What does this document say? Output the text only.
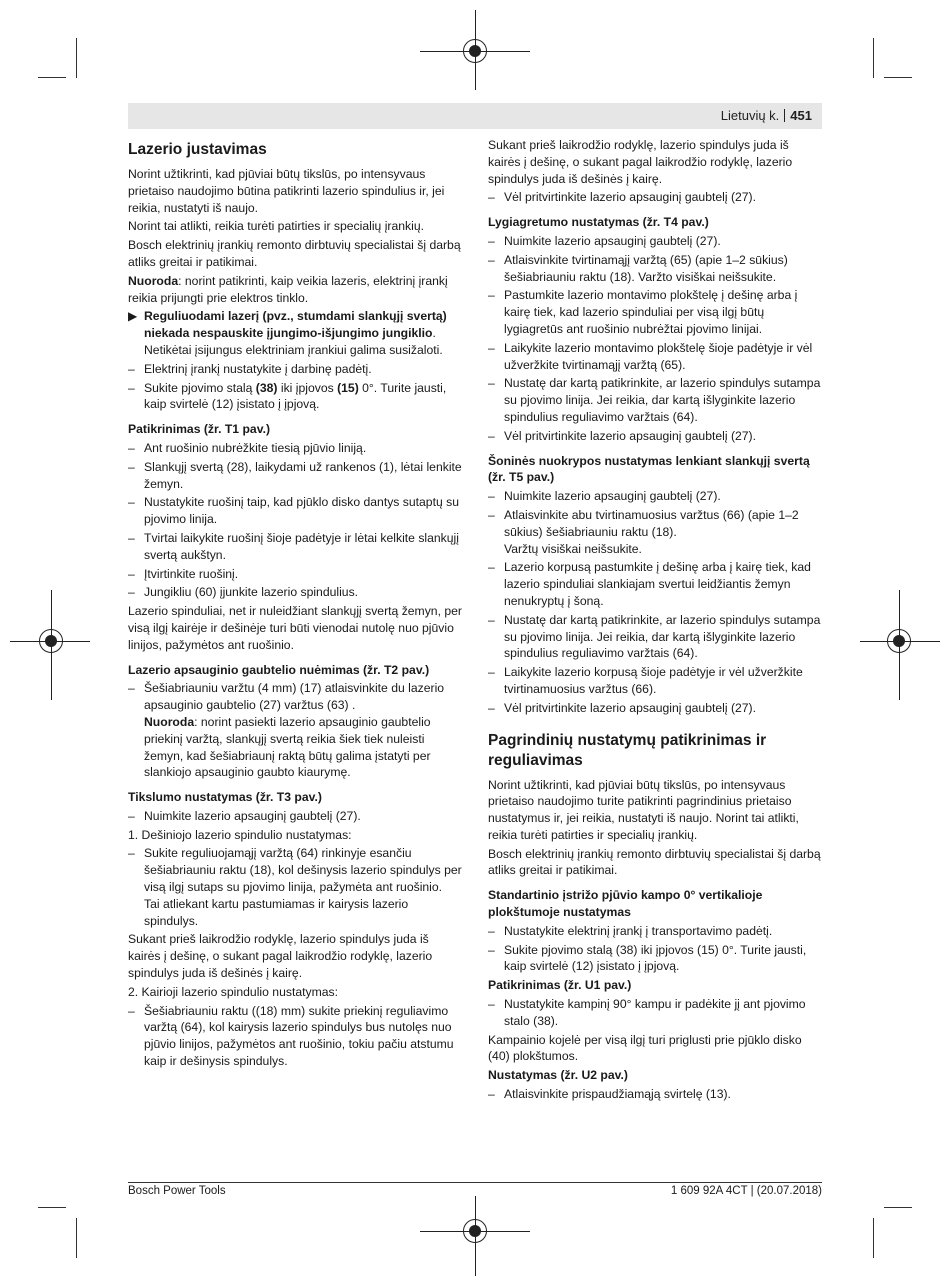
Lietuvių k. 451
Lazerio justavimas

Norint užtikrinti, kad pjūviai būtų tikslūs, po intensyvaus prietaiso naudojimo būtina patikrinti lazerio spindulius ir, jei reikia, nustatyti iš naujo.

Norint tai atlikti, reikia turėti patirties ir specialių įrankių.

Bosch elektrinių įrankių remonto dirbtuvių specialistai šį darbą atliks greitai ir patikimai.

Nuoroda: norint patikrinti, kaip veikia lazeris, elektrinį įrankį reikia prijungti prie elektros tinklo.

▶ Reguliuodami lazerį (pvz., stumdami slankųjį svertą) niekada nespauskite įjungimo-išjungimo jungiklio. Netikėtai įsijungus elektriniam įrankiui galima susižaloti.
– Elektrinį įrankį nustatykite į darbinę padėtį.
– Sukite pjovimo stalą (38) iki įpjovos (15) 0°. Turite jausti, kaip svirtelė (12) įsistato į įpjovą.
Patikrinimas (žr. T1 pav.)
– Ant ruošinio nubrėžkite tiesią pjūvio liniją.
– Slankųjį svertą (28), laikydami už rankenos (1), lėtai lenkite žemyn.
– Nustatykite ruošinį taip, kad pjūklo disko dantys sutaptų su pjovimo linija.
– Tvirtai laikykite ruošinį šioje padėtyje ir lėtai kelkite slankųjį svertą aukštyn.
– Įtvirtinkite ruošinį.
– Jungikliu (60) įjunkite lazerio spindulius.

Lazerio spinduliai, net ir nuleidžiant slankųjį svertą žemyn, per visą ilgį kairėje ir dešinėje turi būti vienodai nutolę nuo pjūvio linijos, pažymėtos ant ruošinio.

Lazerio apsauginio gaubtelio nuėmimas (žr. T2 pav.)
– Šešiabriauniu varžtu (4 mm) (17) atlaisvinkite du lazerio apsauginio gaubtelio (27) varžtus (63) .
Nuoroda: norint pasiekti lazerio apsauginio gaubtelio priekinį varžtą, slankųjį svertą reikia šiek tiek nuleisti žemyn, kad šešiabriaunį raktą būtų galima įstatyti per slankiojo apsauginio gaubto kiaurymę.
Tikslumo nustatymas (žr. T3 pav.)
– Nuimkite lazerio apsauginį gaubtelį (27).

1. Dešiniojo lazerio spindulio nustatymas:

– Sukite reguliuojamąjį varžtą (64) rinkinyje esančiu šešiabriauniu raktu (18), kol dešinysis lazerio spindulys per visą ilgį sutaps su pjovimo linija, pažymėta ant ruošinio.
Tai atliekant kartu pastumiamas ir kairysis lazerio spindulys.

Sukant prieš laikrodžio rodyklę, lazerio spindulys juda iš kairės į dešinę, o sukant pagal laikrodžio rodyklę, lazerio spindulys juda iš dešinės į kairę.

2. Kairioji lazerio spindulio nustatymas:

– Šešiabriauniu raktu ((18) mm) sukite priekinį reguliavimo varžtą (64), kol kairysis lazerio spindulys bus nutolęs nuo pjūvio linijos, pažymėtos ant ruošinio, tokiu pačiu atstumu kaip ir dešinysis spindulys.

Sukant prieš laikrodžio rodyklę, lazerio spindulys juda iš kairės į dešinę, o sukant pagal laikrodžio rodyklę, lazerio spindulys juda iš dešinės į kairę.

– Vėl pritvirtinkite lazerio apsauginį gaubtelį (27).
Lygiagretumo nustatymas (žr. T4 pav.)
– Nuimkite lazerio apsauginį gaubtelį (27).
– Atlaisvinkite tvirtinamąjį varžtą (65) (apie 1–2 sūkius) šešiabriauniu raktu (18). Varžto visiškai neišsukite.
– Pastumkite lazerio montavimo plokštelę į dešinę arba į kairę tiek, kad lazerio spinduliai per visą ilgį būtų lygiagretūs ant ruošinio nubrėžtai pjovimo linijai.
– Laikykite lazerio montavimo plokštelę šioje padėtyje ir vėl užveržkite tvirtinamąjį varžtą (65).
– Nustatę dar kartą patikrinkite, ar lazerio spindulys sutampa su pjovimo linija. Jei reikia, dar kartą išlyginkite lazerio spindulius reguliavimo varžtais (64).
– Vėl pritvirtinkite lazerio apsauginį gaubtelį (27).
Šoninės nuokrypos nustatymas lenkiant slankųjį svertą (žr. T5 pav.)
– Nuimkite lazerio apsauginį gaubtelį (27).
– Atlaisvinkite abu tvirtinamuosius varžtus (66) (apie 1–2 sūkius) šešiabriauniu raktu (18).
Varžtų visiškai neišsukite.
– Lazerio korpusą pastumkite į dešinę arba į kairę tiek, kad lazerio spinduliai slankiajam svertui leidžiantis žemyn nenukryptų į šoną.
– Nustatę dar kartą patikrinkite, ar lazerio spindulys sutampa su pjovimo linija. Jei reikia, dar kartą išlyginkite lazerio spindulius reguliavimo varžtais (64).
– Laikykite lazerio korpusą šioje padėtyje ir vėl užveržkite tvirtinamuosius varžtus (66).
– Vėl pritvirtinkite lazerio apsauginį gaubtelį (27).
Pagrindinių nustatymų patikrinimas ir reguliavimas

Norint užtikrinti, kad pjūviai būtų tikslūs, po intensyvaus prietaiso naudojimo turite patikrinti pagrindinius prietaiso nustatymus ir, jei reikia, nustatyti iš naujo. Norint tai atlikti, reikia turėti patirties ir specialių įrankių.

Bosch elektrinių įrankių remonto dirbtuvių specialistai šį darbą atliks greitai ir patikimai.

Standartinio įstrižo pjūvio kampo 0° vertikalioje plokštumoje nustatymas
– Nustatykite elektrinį įrankį į transportavimo padėtį.
– Sukite pjovimo stalą (38) iki įpjovos (15) 0°. Turite jausti, kaip svirtelė (12) įsistato į įpjovą.
Patikrinimas (žr. U1 pav.)
– Nustatykite kampinį 90° kampu ir padėkite jį ant pjovimo stalo (38).

Kampainio kojelė per visą ilgį turi priglusti prie pjūklo disko (40) plokštumos.

Nustatymas (žr. U2 pav.)
– Atlaisvinkite prispaudžiamąją svirtelę (13).
Bosch Power Tools	1 609 92A 4CT | (20.07.2018)
